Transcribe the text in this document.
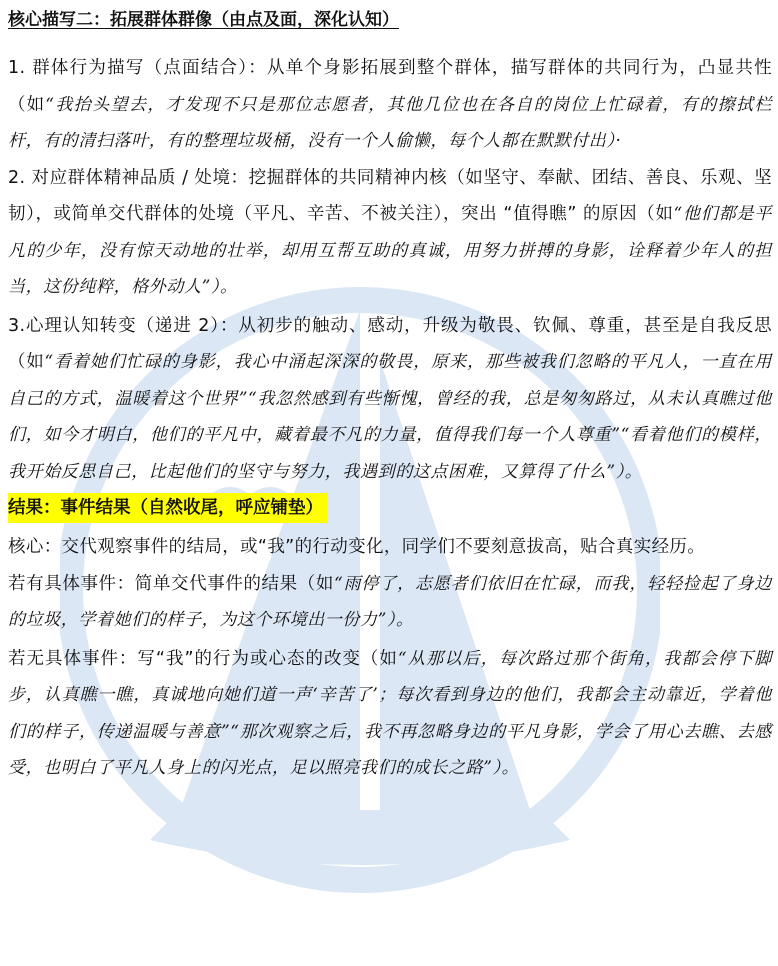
核心描写二：拓展群体群像（由点及面，深化认知）

1. 群体行为描写（点面结合）：从单个身影拓展到整个群体，描写群体的共同行为，凸显共性（如“我抬头望去，才发现不只是那位志愿者，其他几位也在各自的岗位上忙碌着，有的擦拭栏杆，有的清扫落叶，有的整理垃圾桶，没有一个人偷懒，每个人都在默默付出）·

2. 对应群体精神品质 / 处境：挖掘群体的共同精神内核（如坚守、奉献、团结、善良、乐观、坚韧），或简单交代群体的处境（平凡、辛苦、不被关注），突出 “值得瞧” 的原因（如“他们都是平凡的少年，没有惊天动地的壮举，却用互帮互助的真诚，用努力拼搏的身影，诠释着少年人的担当，这份纯粹，格外动人”）。

3.心理认知转变（递进 2）：从初步的触动、感动，升级为敬畏、钦佩、尊重，甚至是自我反思（如“看着她们忙碌的身影，我心中涌起深深的敬畏，原来，那些被我们忽略的平凡人，一直在用自己的方式，温暖着这个世界”“我忽然感到有些惭愧，曾经的我，总是匆匆路过，从未认真瞧过他们，如今才明白，他们的平凡中，藏着最不凡的力量，值得我们每一个人尊重”“看着他们的模样，我开始反思自己，比起他们的坚守与努力，我遇到的这点困难，又算得了什么”）。

结果：事件结果（自然收尾，呼应铺垫）

核心：交代观察事件的结局，或“我”的行动变化，同学们不要刻意拔高，贴合真实经历。

若有具体事件：简单交代事件的结果（如“雨停了，志愿者们依旧在忙碌，而我，轻轻捡起了身边的垃圾，学着她们的样子，为这个环境出一份力”）。

若无具体事件：写“我”的行为或心态的改变（如“从那以后，每次路过那个街角，我都会停下脚步，认真瞧一瞧，真诚地向她们道一声‘辛苦了’；每次看到身边的他们，我都会主动靠近，学着他们的样子，传递温暖与善意”“那次观察之后，我不再忽略身边的平凡身影，学会了用心去瞧、去感受，也明白了平凡人身上的闪光点，足以照亮我们的成长之路”）。
